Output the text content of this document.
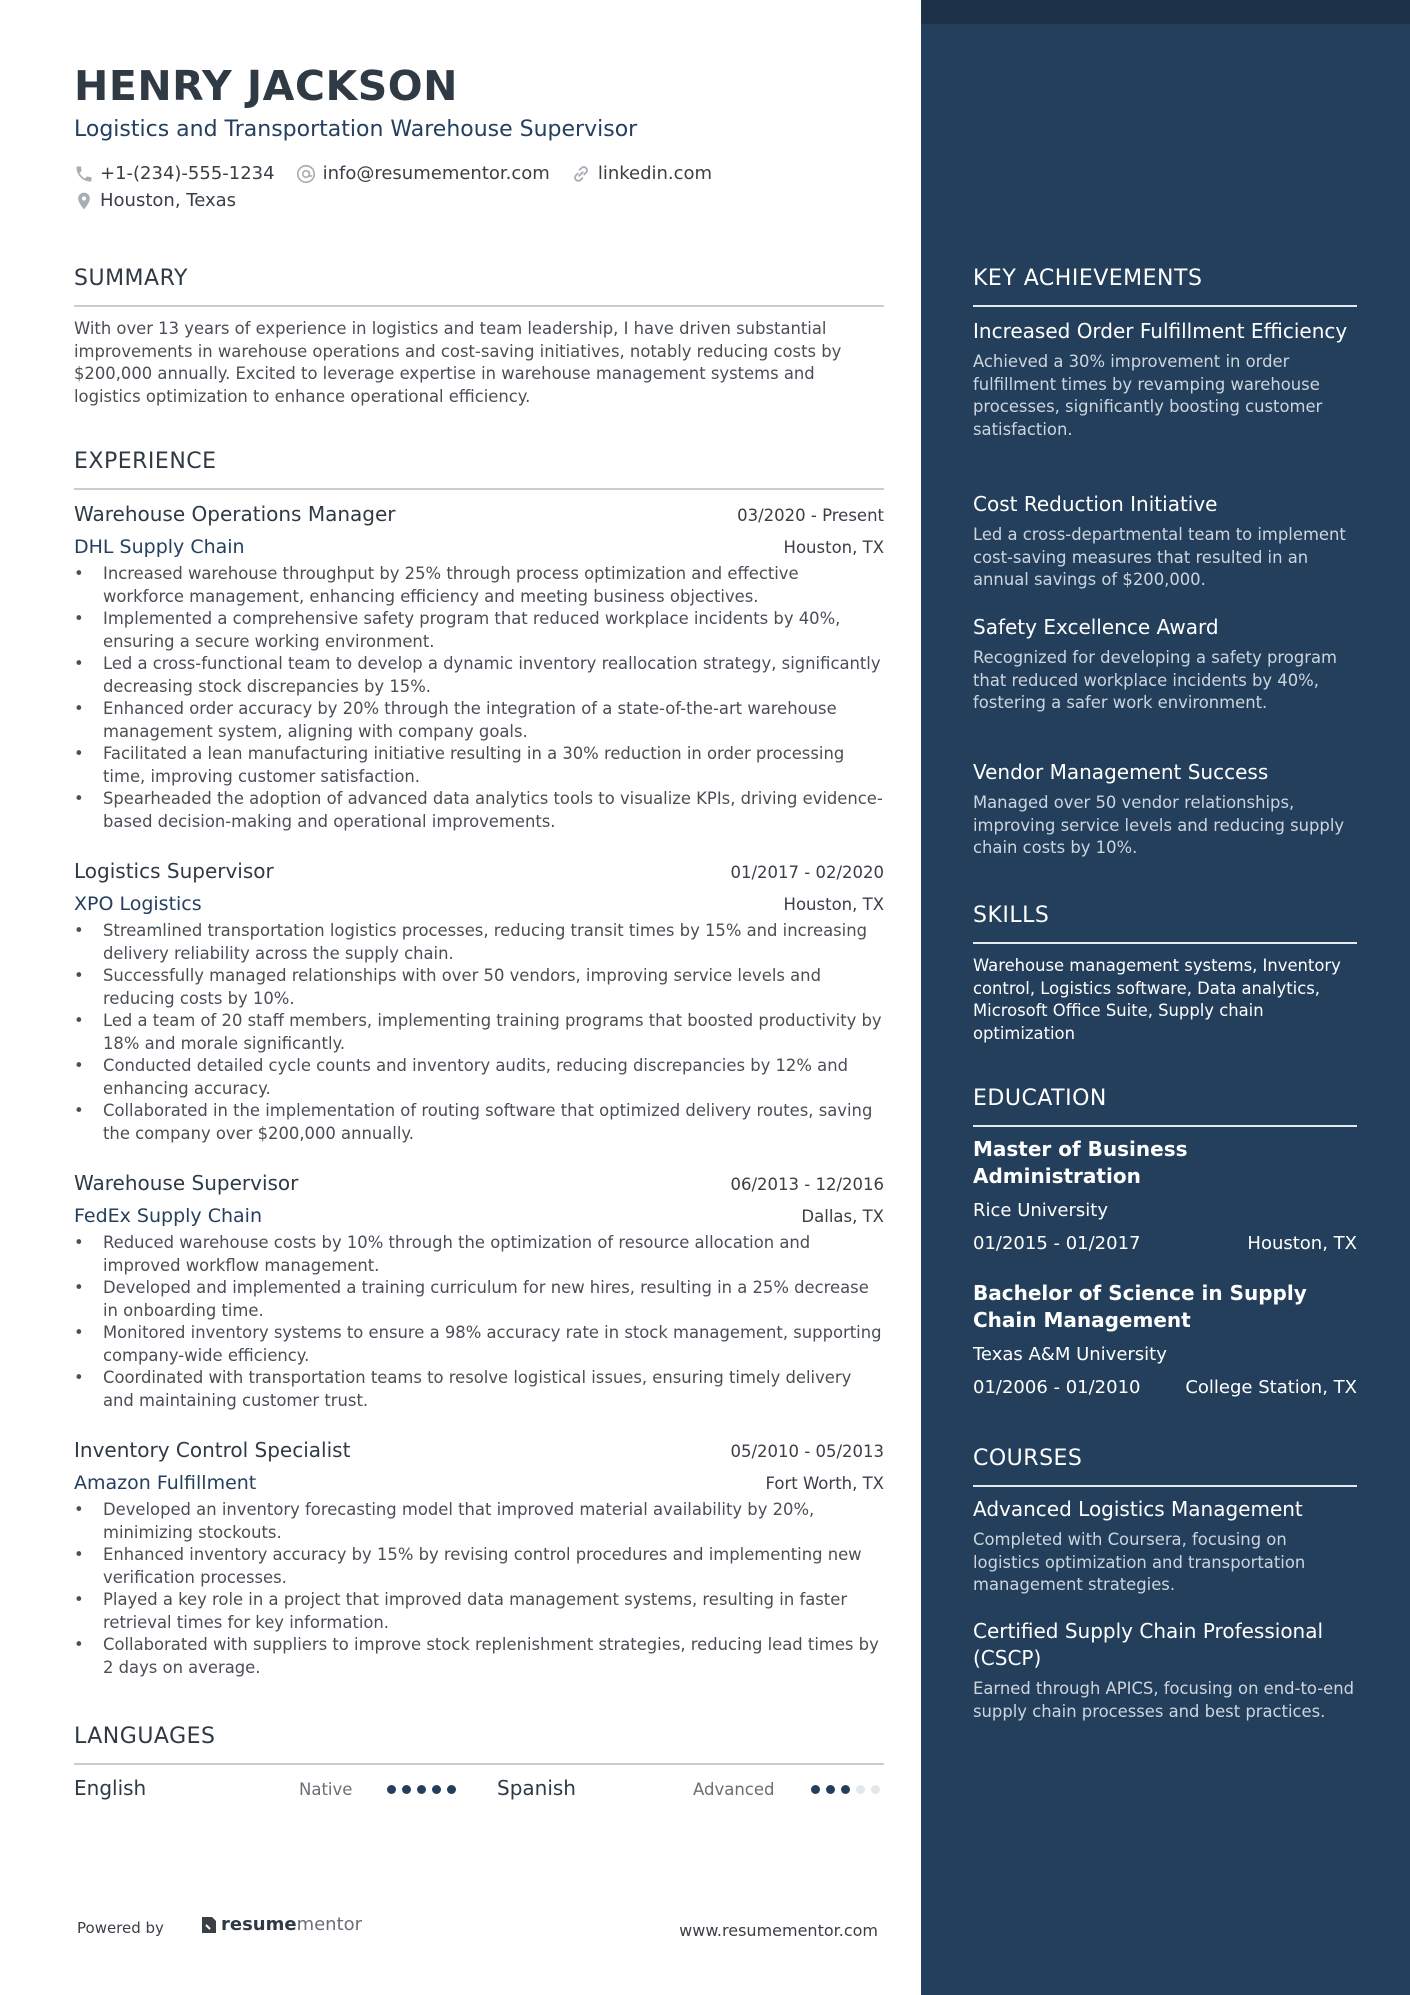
HENRY JACKSON
Logistics and Transportation Warehouse Supervisor
+1-(234)-555-1234	info@resumementor.com	linkedin.com
Houston, Texas
SUMMARY
With over 13 years of experience in logistics and team leadership, I have driven substantial improvements in warehouse operations and cost-saving initiatives, notably reducing costs by $200,000 annually. Excited to leverage expertise in warehouse management systems and logistics optimization to enhance operational efficiency.
EXPERIENCE
Warehouse Operations Manager	03/2020 - Present
DHL Supply Chain	Houston, TX
• Increased warehouse throughput by 25% through process optimization and effective workforce management, enhancing efficiency and meeting business objectives.
• Implemented a comprehensive safety program that reduced workplace incidents by 40%, ensuring a secure working environment.
• Led a cross-functional team to develop a dynamic inventory reallocation strategy, significantly decreasing stock discrepancies by 15%.
• Enhanced order accuracy by 20% through the integration of a state-of-the-art warehouse management system, aligning with company goals.
• Facilitated a lean manufacturing initiative resulting in a 30% reduction in order processing time, improving customer satisfaction.
• Spearheaded the adoption of advanced data analytics tools to visualize KPIs, driving evidence-based decision-making and operational improvements.
Logistics Supervisor	01/2017 - 02/2020
XPO Logistics	Houston, TX
• Streamlined transportation logistics processes, reducing transit times by 15% and increasing delivery reliability across the supply chain.
• Successfully managed relationships with over 50 vendors, improving service levels and reducing costs by 10%.
• Led a team of 20 staff members, implementing training programs that boosted productivity by 18% and morale significantly.
• Conducted detailed cycle counts and inventory audits, reducing discrepancies by 12% and enhancing accuracy.
• Collaborated in the implementation of routing software that optimized delivery routes, saving the company over $200,000 annually.
Warehouse Supervisor	06/2013 - 12/2016
FedEx Supply Chain	Dallas, TX
• Reduced warehouse costs by 10% through the optimization of resource allocation and improved workflow management.
• Developed and implemented a training curriculum for new hires, resulting in a 25% decrease in onboarding time.
• Monitored inventory systems to ensure a 98% accuracy rate in stock management, supporting company-wide efficiency.
• Coordinated with transportation teams to resolve logistical issues, ensuring timely delivery and maintaining customer trust.
Inventory Control Specialist	05/2010 - 05/2013
Amazon Fulfillment	Fort Worth, TX
• Developed an inventory forecasting model that improved material availability by 20%, minimizing stockouts.
• Enhanced inventory accuracy by 15% by revising control procedures and implementing new verification processes.
• Played a key role in a project that improved data management systems, resulting in faster retrieval times for key information.
• Collaborated with suppliers to improve stock replenishment strategies, reducing lead times by 2 days on average.
LANGUAGES
English	Native	Spanish	Advanced
Powered by	resume mentor	www.resumementor.com
KEY ACHIEVEMENTS
Increased Order Fulfillment Efficiency
Achieved a 30% improvement in order fulfillment times by revamping warehouse processes, significantly boosting customer satisfaction.
Cost Reduction Initiative
Led a cross-departmental team to implement cost-saving measures that resulted in an annual savings of $200,000.
Safety Excellence Award
Recognized for developing a safety program that reduced workplace incidents by 40%, fostering a safer work environment.
Vendor Management Success
Managed over 50 vendor relationships, improving service levels and reducing supply chain costs by 10%.
SKILLS
Warehouse management systems, Inventory control, Logistics software, Data analytics, Microsoft Office Suite, Supply chain optimization
EDUCATION
Master of Business Administration
Rice University
01/2015 - 01/2017	Houston, TX
Bachelor of Science in Supply Chain Management
Texas A&M University
01/2006 - 01/2010 College Station, TX
COURSES
Advanced Logistics Management
Completed with Coursera, focusing on logistics optimization and transportation management strategies.
Certified Supply Chain Professional (CSCP)
Earned through APICS, focusing on end-to-end supply chain processes and best practices.
